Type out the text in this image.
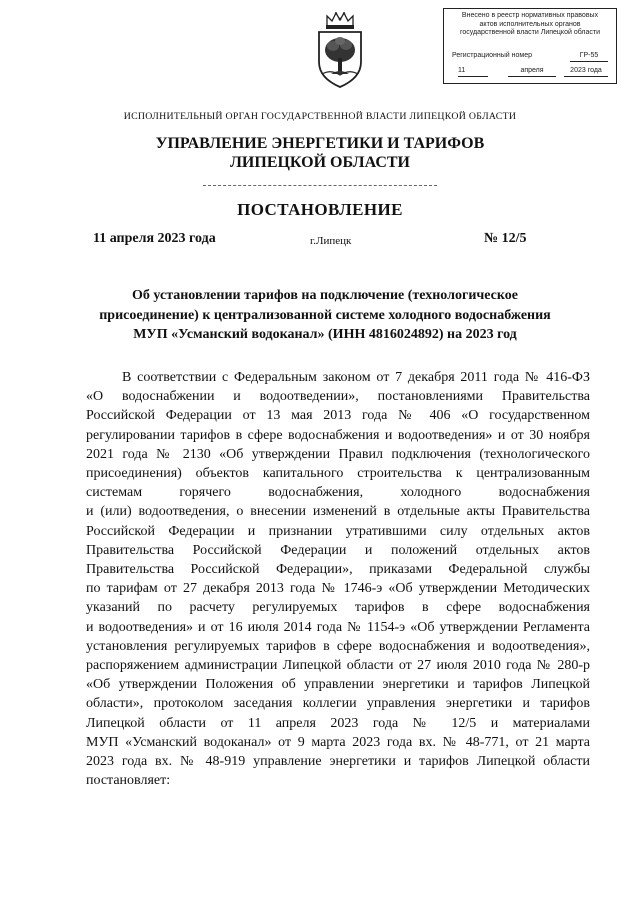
Внесено в реестр нормативных правовых
актов исполнительных органов
государственной власти Липецкой области
Регистрационный номер	ГР-55
11	апреля	2023 года
ИСПОЛНИТЕЛЬНЫЙ ОРГАН ГОСУДАРСТВЕННОЙ ВЛАСТИ ЛИПЕЦКОЙ ОБЛАСТИ
УПРАВЛЕНИЕ ЭНЕРГЕТИКИ И ТАРИФОВ
ЛИПЕЦКОЙ ОБЛАСТИ
ПОСТАНОВЛЕНИЕ
11 апреля 2023 года	г.Липецк	№ 12/5
Об установлении тарифов на подключение (технологическое
присоединение) к централизованной системе холодного водоснабжения
МУП «Усманский водоканал» (ИНН 4816024892) на 2023 год
В соответствии с Федеральным законом от 7 декабря 2011 года № 416-ФЗ
«О водоснабжении и водоотведении», постановлениями Правительства
Российской Федерации от 13 мая 2013 года № 406 «О государственном
регулировании тарифов в сфере водоснабжения и водоотведения» и от 30 ноября
2021 года № 2130 «Об утверждении Правил подключения (технологического
присоединения) объектов капитального строительства к централизованным
системам горячего водоснабжения, холодного водоснабжения
и (или) водоотведения, о внесении изменений в отдельные акты Правительства
Российской Федерации и признании утратившими силу отдельных актов
Правительства Российской Федерации и положений отдельных актов
Правительства Российской Федерации», приказами Федеральной службы
по тарифам от 27 декабря 2013 года № 1746-э «Об утверждении Методических
указаний по расчету регулируемых тарифов в сфере водоснабжения
и водоотведения» и от 16 июля 2014 года № 1154-э «Об утверждении Регламента
установления регулируемых тарифов в сфере водоснабжения и водоотведения»,
распоряжением администрации Липецкой области от 27 июля 2010 года № 280-р
«Об утверждении Положения об управлении энергетики и тарифов Липецкой
области», протоколом заседания коллегии управления энергетики и тарифов
Липецкой области от 11 апреля 2023 года № 12/5 и материалами
МУП «Усманский водоканал» от 9 марта 2023 года вх. № 48-771, от 21 марта
2023 года вх. № 48-919 управление энергетики и тарифов Липецкой области
постановляет:
